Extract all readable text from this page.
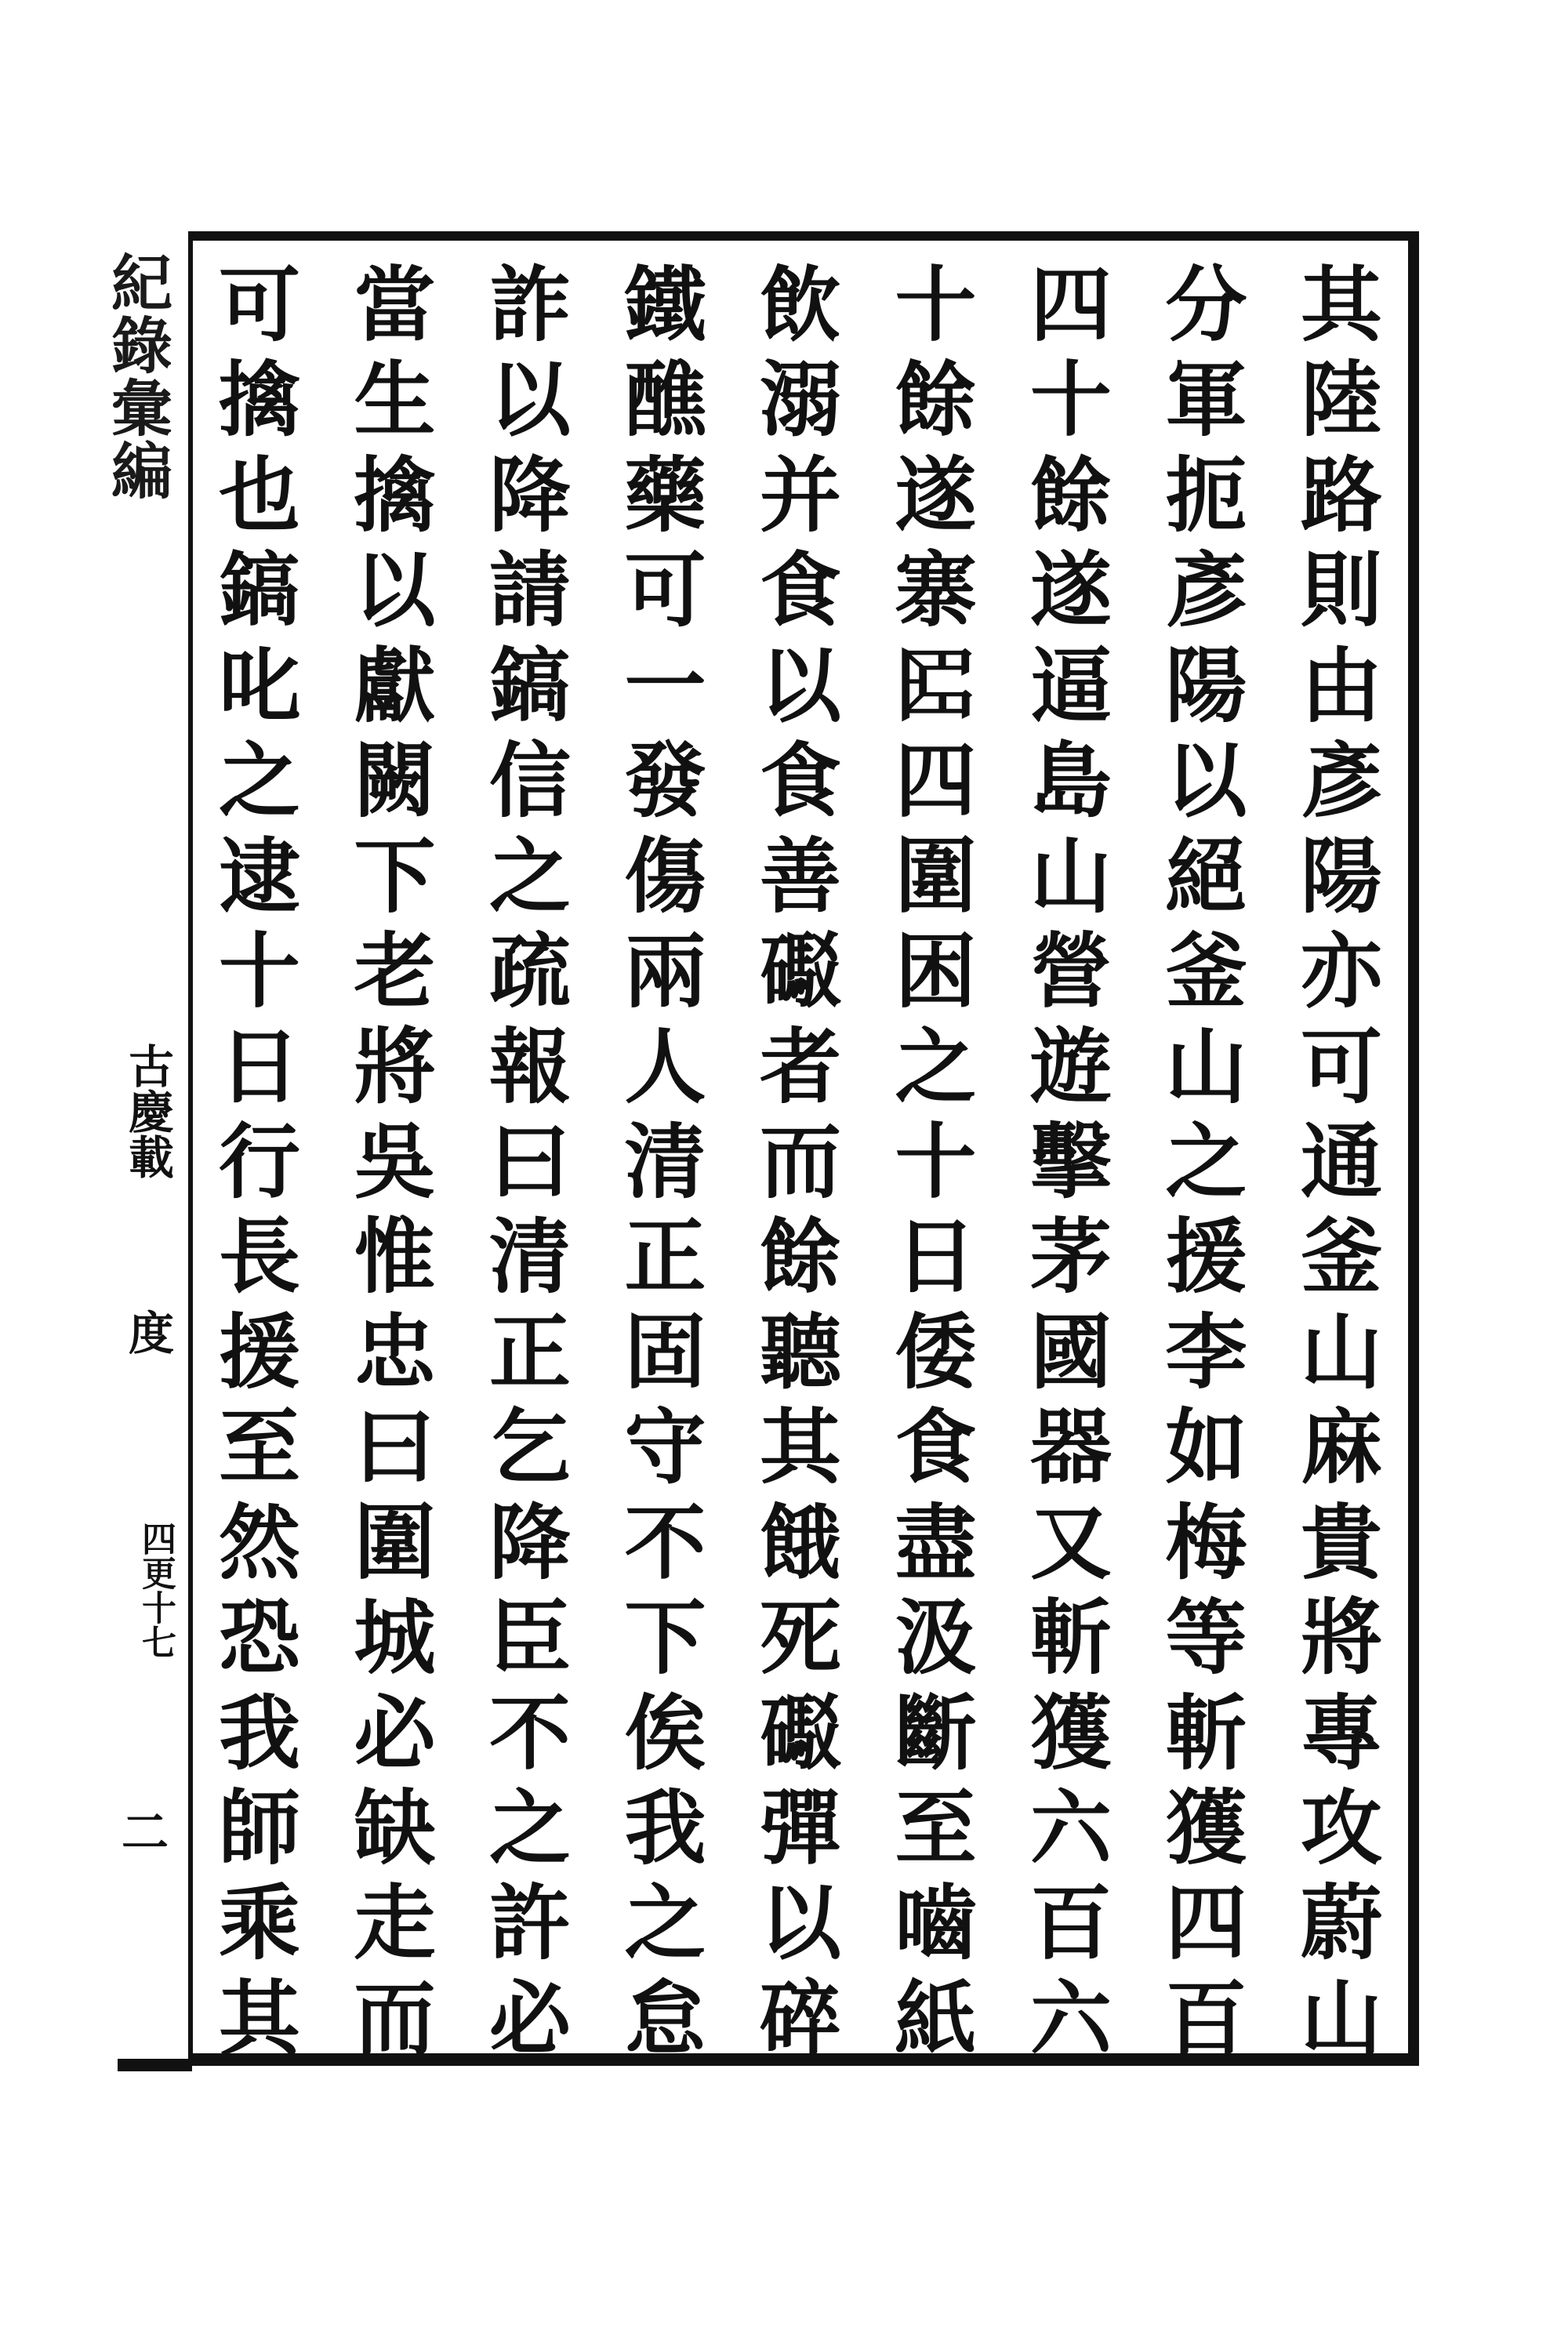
紀錄彙編
古慶載
度
四更十七
二
其
陸
路
則
由
彥
陽
亦
可
通
釜
山
麻
貴
將
專
攻
蔚
山
分
軍
扼
彥
陽
以
絕
釜
山
之
援
李
如
梅
等
斬
獲
四
百
四
十
餘
遂
逼
島
山
營
遊
擊
茅
國
器
又
斬
獲
六
百
六
十
餘
遂
寨
𠥓
四
圍
困
之
十
日
倭
食
盡
汲
斷
至
嚙
紙
飲
溺
并
食
以
食
善
礟
者
而
餘
聽
其
餓
死
礟
彈
以
碎
鐵
醮
藥
可
一
發
傷
兩
人
清
正
固
守
不
下
俟
我
之
怠
詐
以
降
請
鎬
信
之
疏
報
曰
清
正
乞
降
臣
不
之
許
必
當
生
擒
以
獻
闕
下
老
將
吳
惟
忠
曰
圍
城
必
缺
走
而
可
擒
也
鎬
叱
之
逮
十
日
行
長
援
至
然
恐
我
師
乘
其
